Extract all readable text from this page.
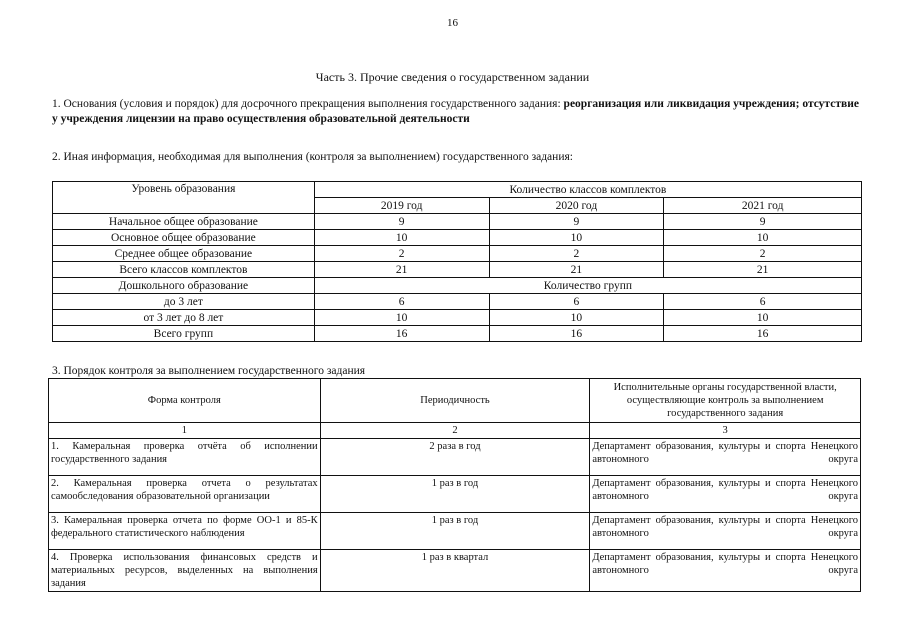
16
Часть 3. Прочие сведения о государственном задании
1. Основания (условия и порядок) для досрочного прекращения выполнения государственного задания: реорганизация или ликвидация учреждения; отсутствие у учреждения лицензии на право осуществления образовательной деятельности
2. Иная информация, необходимая для выполнения (контроля за выполнением) государственного задания:
Уровень образования	Количество классов комплектов		
	2019 год	2020 год	2021 год
Начальное общее образование	9	9	9
Основное общее образование	10	10	10
Среднее общее образование	2	2	2
Всего классов комплектов	21	21	21
Дошкольного образование	Количество групп		
до 3 лет	6	6	6
от 3 лет до 8 лет	10	10	10
Всего групп	16	16	16
3. Порядок контроля за выполнением государственного задания
Форма контроля	Периодичность	Исполнительные органы государственной власти, осуществляющие контроль за выполнением государственного задания
1	2	3
1. Камеральная проверка отчёта об исполнении государственного задания	2 раза в год	Департамент образования, культуры и спорта Ненецкого автономного округа
2. Камеральная проверка отчета о результатах самообследования образовательной организации	1 раз в год	Департамент образования, культуры и спорта Ненецкого автономного округа
3. Камеральная проверка отчета по форме ОО-1 и 85-К федерального статистического наблюдения	1 раз в год	Департамент образования, культуры и спорта Ненецкого автономного округа
4. Проверка использования финансовых средств и материальных ресурсов, выделенных на выполнения задания	1 раз в квартал	Департамент образования, культуры и спорта Ненецкого автономного округа
